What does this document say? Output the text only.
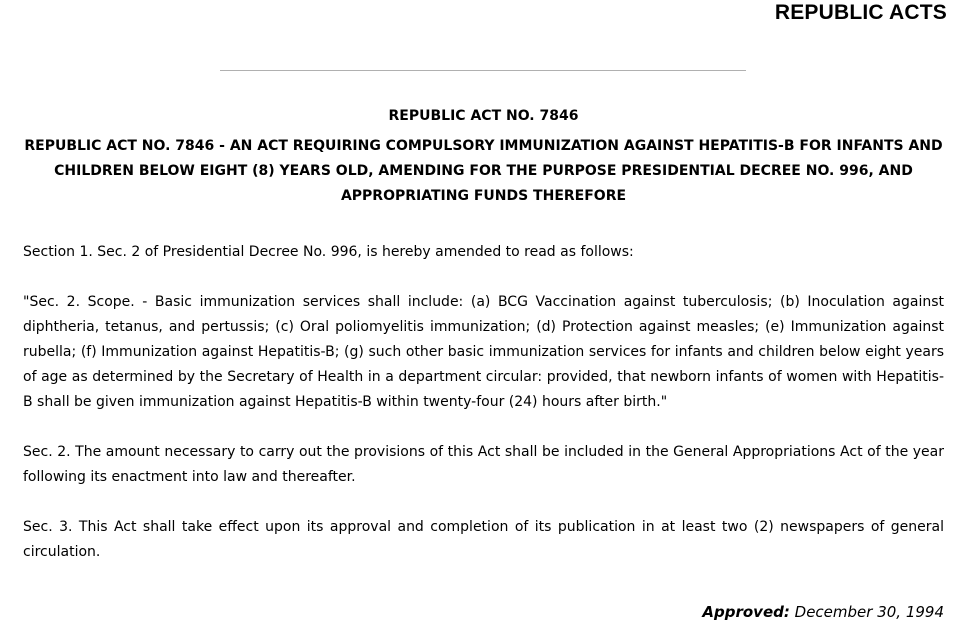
REPUBLIC ACTS

REPUBLIC ACT NO. 7846

REPUBLIC ACT NO. 7846 - AN ACT REQUIRING COMPULSORY IMMUNIZATION AGAINST HEPATITIS-B FOR INFANTS AND CHILDREN BELOW EIGHT (8) YEARS OLD, AMENDING FOR THE PURPOSE PRESIDENTIAL DECREE NO. 996, AND APPROPRIATING FUNDS THEREFORE

Section 1. Sec. 2 of Presidential Decree No. 996, is hereby amended to read as follows:

"Sec. 2. Scope. - Basic immunization services shall include: (a) BCG Vaccination against tuberculosis; (b) Inoculation against diphtheria, tetanus, and pertussis; (c) Oral poliomyelitis immunization; (d) Protection against measles; (e) Immunization against rubella; (f) Immunization against Hepatitis-B; (g) such other basic immunization services for infants and children below eight years of age as determined by the Secretary of Health in a department circular: provided, that newborn infants of women with Hepatitis-B shall be given immunization against Hepatitis-B within twenty-four (24) hours after birth."

Sec. 2. The amount necessary to carry out the provisions of this Act shall be included in the General Appropriations Act of the year following its enactment into law and thereafter.

Sec. 3. This Act shall take effect upon its approval and completion of its publication in at least two (2) newspapers of general circulation.

Approved: December 30, 1994
